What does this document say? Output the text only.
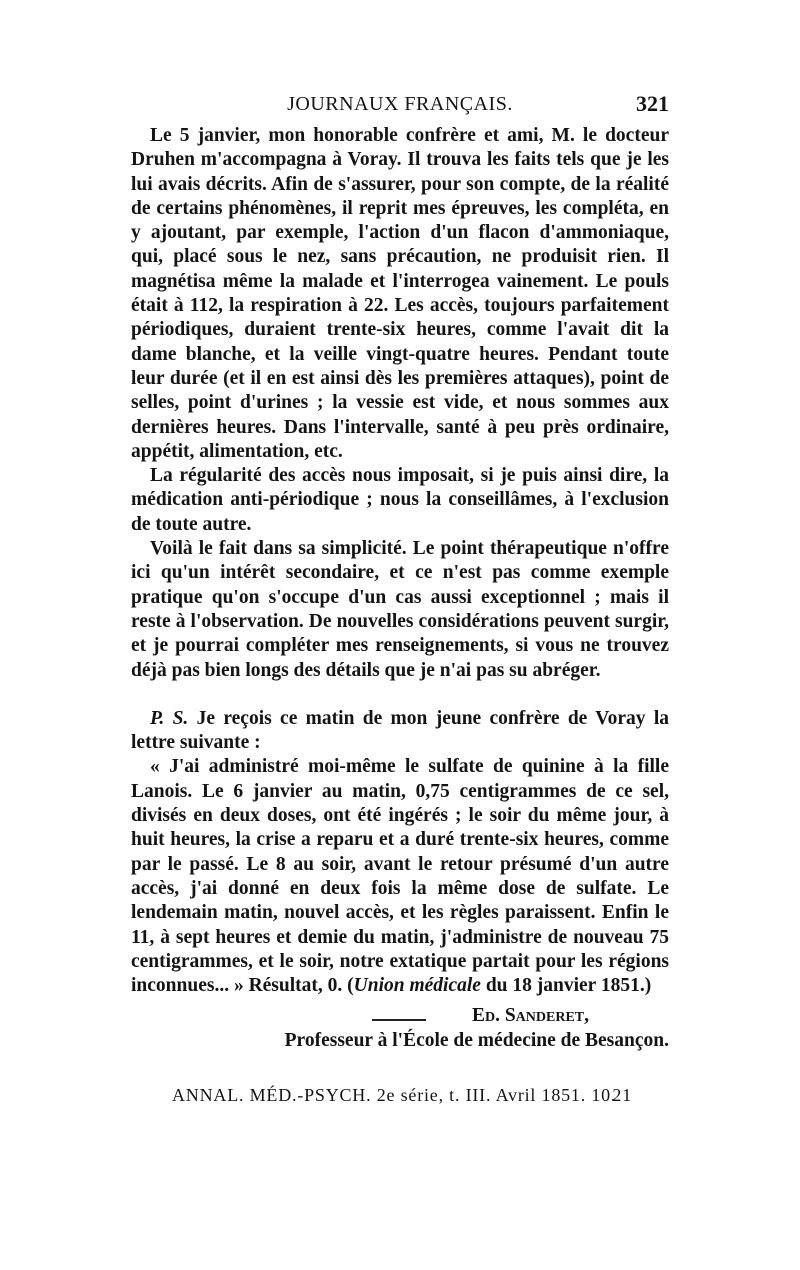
JOURNAUX FRANÇAIS.	321

Le 5 janvier, mon honorable confrère et ami, M. le docteur Druhen m'accompagna à Voray. Il trouva les faits tels que je les lui avais décrits. Afin de s'assurer, pour son compte, de la réalité de certains phénomènes, il reprit mes épreuves, les compléta, en y ajoutant, par exemple, l'action d'un flacon d'ammoniaque, qui, placé sous le nez, sans précaution, ne produisit rien. Il magnétisa même la malade et l'interrogea vainement. Le pouls était à 112, la respiration à 22. Les accès, toujours parfaitement périodiques, duraient trente-six heures, comme l'avait dit la dame blanche, et la veille vingt-quatre heures. Pendant toute leur durée (et il en est ainsi dès les premières attaques), point de selles, point d'urines ; la vessie est vide, et nous sommes aux dernières heures. Dans l'intervalle, santé à peu près ordinaire, appétit, alimentation, etc.

La régularité des accès nous imposait, si je puis ainsi dire, la médication anti-périodique ; nous la conseillâmes, à l'exclusion de toute autre.

Voilà le fait dans sa simplicité. Le point thérapeutique n'offre ici qu'un intérêt secondaire, et ce n'est pas comme exemple pratique qu'on s'occupe d'un cas aussi exceptionnel ; mais il reste à l'observation. De nouvelles considérations peuvent surgir, et je pourrai compléter mes renseignements, si vous ne trouvez déjà pas bien longs des détails que je n'ai pas su abréger.

P. S. Je reçois ce matin de mon jeune confrère de Voray la lettre suivante :

« J'ai administré moi-même le sulfate de quinine à la fille Lanois. Le 6 janvier au matin, 0,75 centigrammes de ce sel, divisés en deux doses, ont été ingérés ; le soir du même jour, à huit heures, la crise a reparu et a duré trente-six heures, comme par le passé. Le 8 au soir, avant le retour présumé d'un autre accès, j'ai donné en deux fois la même dose de sulfate. Le lendemain matin, nouvel accès, et les règles paraissent. Enfin le 11, à sept heures et demie du matin, j'administre de nouveau 75 centigrammes, et le soir, notre extatique partait pour les régions inconnues... » Résultat, 0. (Union médicale du 18 janvier 1851.)

Ed. Sanderet,

Professeur à l'École de médecine de Besançon.

ANNAL. MÉD.-PSYCH. 2e série, t. III. Avril 1851. 10.
21
